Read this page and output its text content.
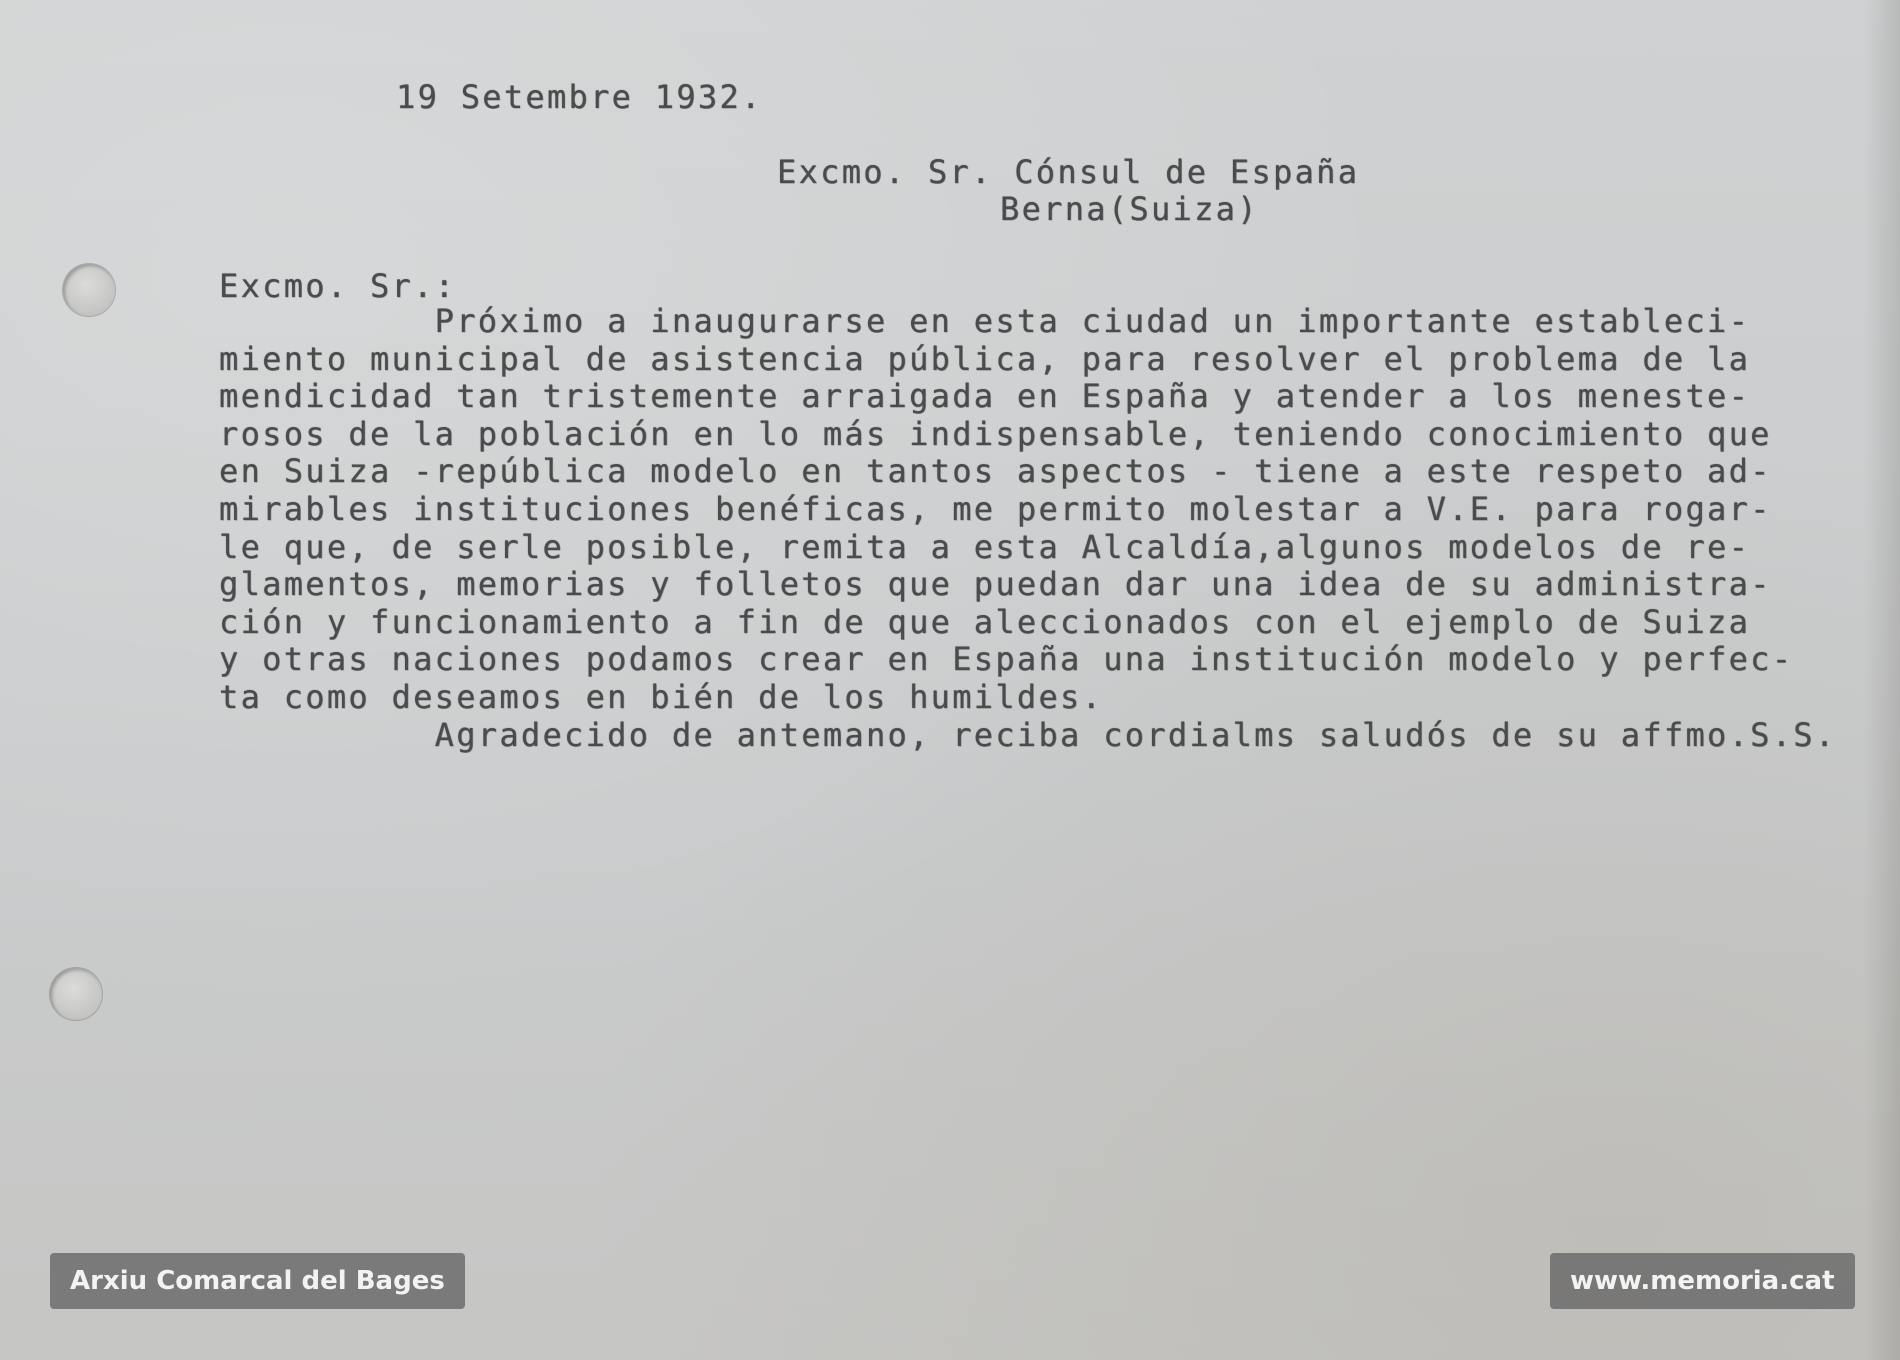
19 Setembre 1932.
Excmo. Sr. Cónsul de España
Berna(Suiza)
Excmo. Sr.:
Próximo a inaugurarse en esta ciudad un importante estableci-
miento municipal de asistencia pública, para resolver el problema de la
mendicidad tan tristemente arraigada en España y atender a los meneste-
rosos de la población en lo más indispensable, teniendo conocimiento que
en Suiza -república modelo en tantos aspectos - tiene a este respeto ad-
mirables instituciones benéficas, me permito molestar a V.E. para rogar-
le que, de serle posible, remita a esta Alcaldía,algunos modelos de re-
glamentos, memorias y folletos que puedan dar una idea de su administra-
ción y funcionamiento a fin de que aleccionados con el ejemplo de Suiza
y otras naciones podamos crear en España una institución modelo y perfec-
ta como deseamos en bién de los humildes.
Agradecido de antemano, reciba cordialms saludós de su affmo.S.S.
Arxiu Comarcal del Bages	www.memoria.cat
